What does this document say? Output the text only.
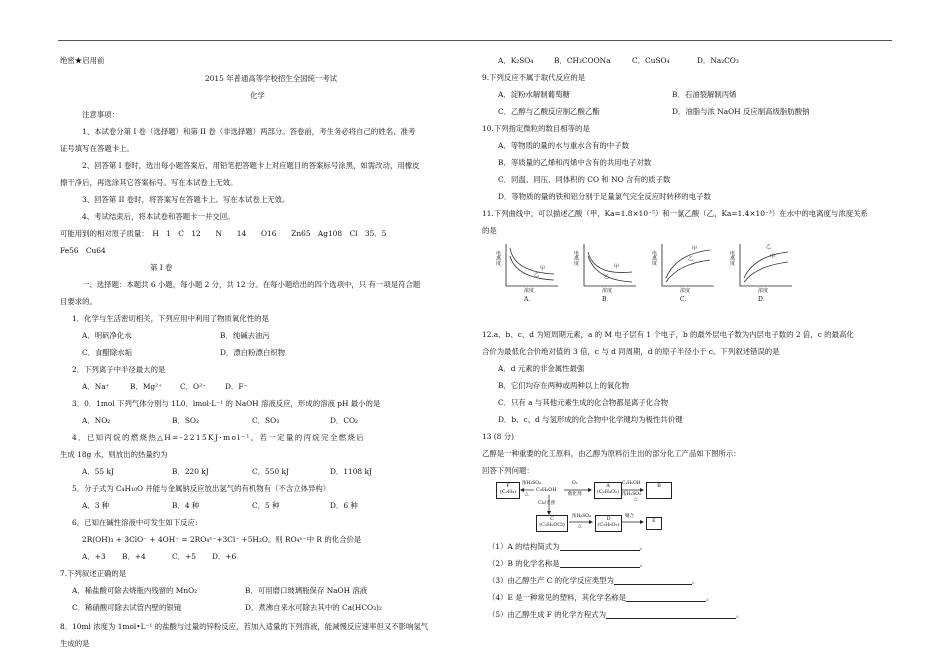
绝密★启用前
2015 年普通高等学校招生全国统一考试
化学
注意事项：
1、本试卷分第 I 卷（选择题）和第 II 卷（非选择题）两部分。答卷前，考生务必将自己的姓名、准考
证号填写在答题卡上。
2、回答第 I 卷时，选出每小题答案后，用铅笔把答题卡上对应题目的答案标号涂黑，如需改动，用橡皮
擦干净后，再选涂其它答案标号。写在本试卷上无效。
3、回答第 II 卷时，将答案写在答题卡上。写在本试卷上无效。
4、考试结束后，将本试卷和答题卡一并交回。
可能用到的相对原子质量：　H　1　C　12　　N　　14　　O16　　Zn65　Ag108　Cl　35．5
Fe56　Cu64
第 I 卷
一、选择题：本题共 6 小题，每小题 2 分，共 12 分。在每小题给出的四个选项中，只 有一项是符合题
目要求的。
1．化学与生活密切相关，下列应用中利用了物质氧化性的是
A．明矾净化水	B．纯碱去油污
C．食醋除水垢	D．漂白粉漂白织物
2．下列离子中半径最大的是
A．Na⁺	B．Mg²⁺ C．O²⁻	D．F⁻
3．0．1mol 下列气体分别与 1L0．lmol·L⁻¹ 的 NaOH 溶液反应，形成的溶液 pH 最小的是
A．NO₂	B．SO₂	C．SO₃	D．CO₂
4．已知丙烷的燃烧热△H=-2215KJ·mol⁻¹，若一定量的丙烷完全燃烧后
生成 18g 水，则放出的热量约为
A．55 kJ	B．220 kJ	C．550 kJ	D．1108 kJ
5．分子式为 C₄H₁₀O 并能与金属钠反应放出氢气的有机物有（不含立体异构）
A．3 种	B．4 种	C．5 种	D．6 种
6．已知在碱性溶液中可发生如下反应:
2R(OH)₃ + 3ClO⁻ + 4OH⁻ = 2RO₄ⁿ⁻+3Cl⁻ +5H₂O。则 RO₄ⁿ⁻中 R 的化合价是
A．+3 B．+4	C．+5 D．+6
7.下列叙述正确的是
A．稀盐酸可除去烧瓶内残留的 MnO₂	B．可用磨口玻璃瓶保存 NaOH 溶液
C．稀硝酸可除去试管内壁的银镜	D．煮沸自来水可除去其中的 Ca(HCO₃)₂
8．10ml 浓度为 1mol•L⁻¹ 的盐酸与过量的锌粉反应，若加入适量的下列溶液，能减慢反应速率但又不影响氢气
生成的是
A．K₂SO₄	B．CH₃COONa	C．CuSO₄	D．Na₂CO₃
9.下列反应不属于取代反应的是
A．淀粉水解制葡萄糖	B．石油裂解制丙烯
C．乙醇与乙酸反应制乙酸乙酯	D．油脂与浓 NaOH 反应制高级脂肪酸钠
10.下列指定微粒的数目相等的是
A．等物质的量的水与重水含有的中子数
B．等质量的乙烯和丙烯中含有的共用电子对数
C．同温、同压、同体积的 CO 和 NO 含有的质子数
D．等物质的量的铁和铝分别于足量氯气完全反应时转移的电子数
11.下列曲线中，可以描述乙酸（甲，Ka=1.8×10⁻⁵）和一氯乙酸（乙，Ka=1.4×10⁻³）在水中的电离度与浓度关系
的是
电离度
浓度
甲
乙
A．
电离度
浓度
甲
乙
B．
电离度
浓度
甲
乙
C．
电离度
浓度
乙
甲
D．
12.a、b、c、d 为短周期元素，a 的 M 电子层有 1 个电子，b 的最外层电子数为内层电子数的 2 倍，c 的最高化
合价为最低化合价绝对值的 3 倍，c 与 d 同周期，d 的原子半径小于 c。下列叙述错误的是
A．d 元素的非金属性最强
B．它们均存在两种或两种以上的氧化物
C．只有 a 与其他元素生成的化合物都是离子化合物
D．b、c、d 与氢形成的化合物中化学键均为极性共价键
13 (8 分)
乙醇是一种重要的化工原料，由乙醇为原料衍生出的部分化工产品如下图所示：
回答下列问题：
F
(C₂H₄)
浓H₂SO₄
△
C₂H₅OH
O₂
催化剂
A
(C₂H₄O₂)
C₂H₅OH
浓H₂SO₄
△
B
Cl₂/光照
C
(C₂H₅OCl)
浓H₂SO₄
△
D
(C₂H₆O₂)
聚合
E
（1）A 的结构简式为	。
（2）B 的化学名称是	。
（3）由乙醇生产 C 的化学反应类型为	。
（4）E 是一种常见的塑料，其化学名称是	。
（5）由乙醇生成 F 的化学方程式为	。
